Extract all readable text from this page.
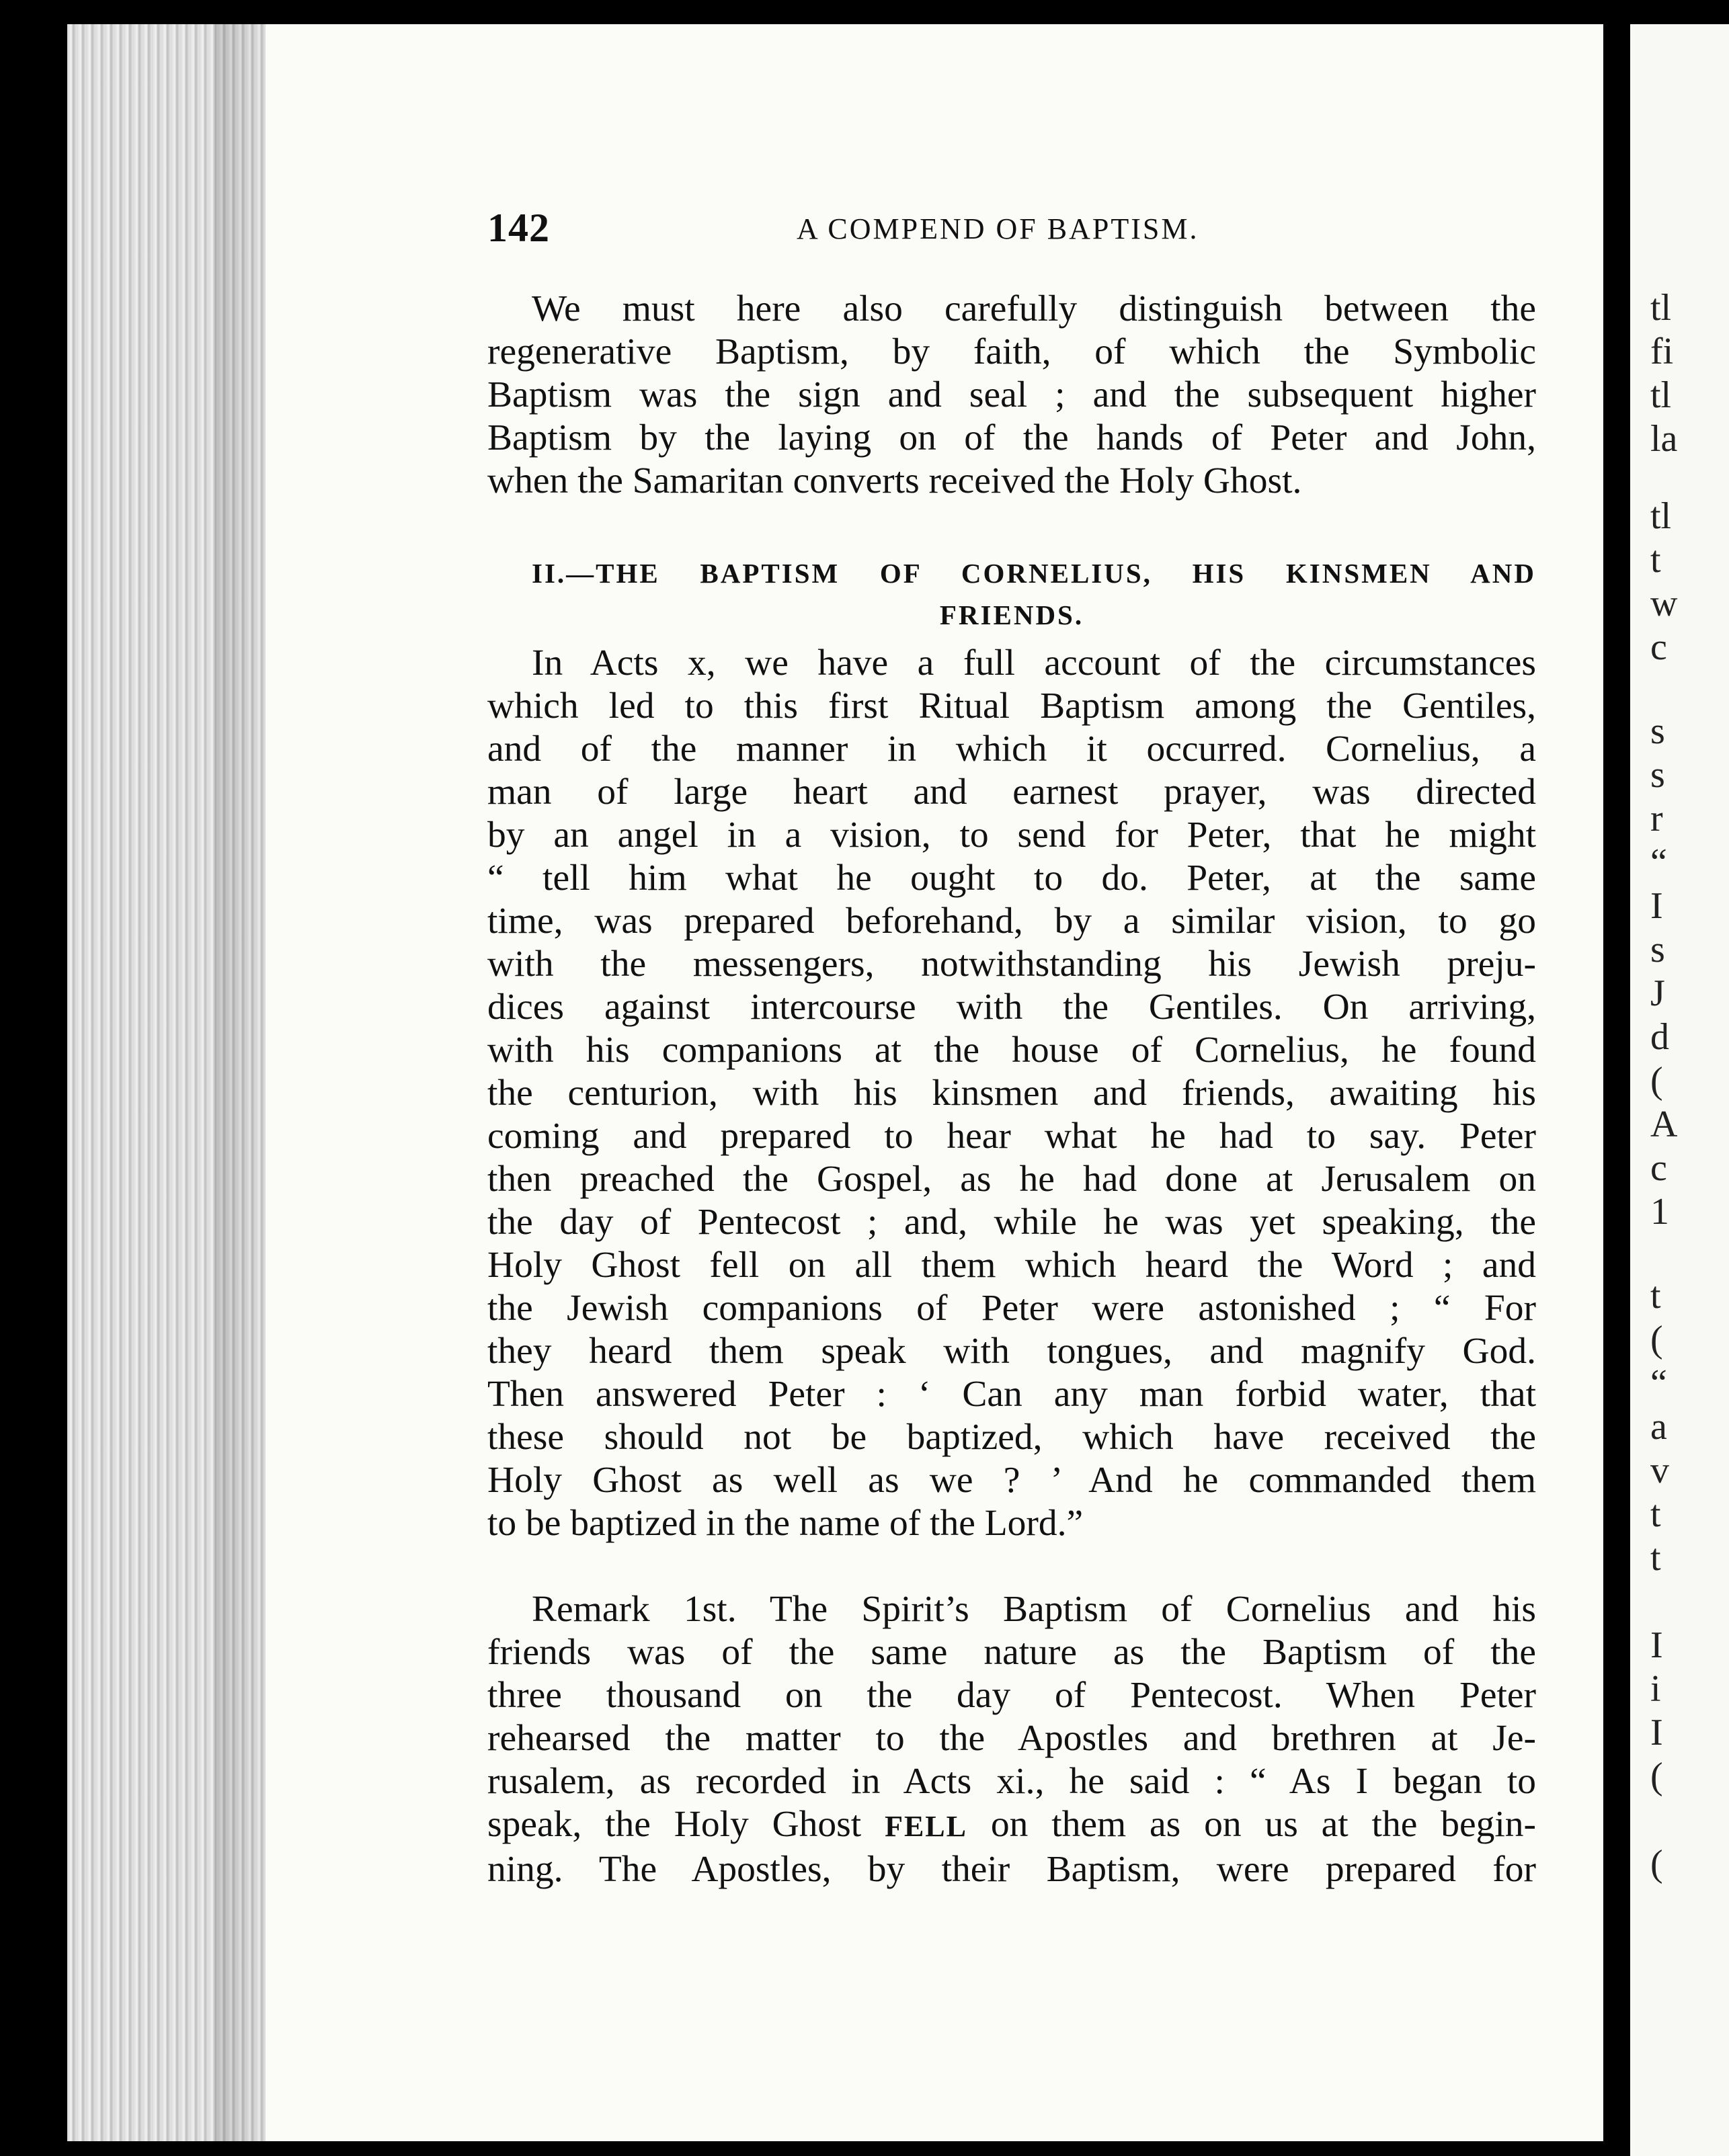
tl
fi
tl
la
tl
t
w
c
s
s
r
“
I
s
J
d
(
A
c
1
t
(
“
a
v
t
t
I
i
I
(
(
142	A COMPEND OF BAPTISM.
We must here also carefully distinguish between the
regenerative Baptism, by faith, of which the Symbolic
Baptism was the sign and seal ; and the subsequent higher
Baptism by the laying on of the hands of Peter and John,
when the Samaritan converts received the Holy Ghost.
II.—THE BAPTISM OF CORNELIUS, HIS KINSMEN AND
FRIENDS.
In Acts x, we have a full account of the circumstances
which led to this first Ritual Baptism among the Gentiles,
and of the manner in which it occurred. Cornelius, a
man of large heart and earnest prayer, was directed
by an angel in a vision, to send for Peter, that he might
“ tell him what he ought to do. Peter, at the same
time, was prepared beforehand, by a similar vision, to go
with the messengers, notwithstanding his Jewish preju-
dices against intercourse with the Gentiles. On arriving,
with his companions at the house of Cornelius, he found
the centurion, with his kinsmen and friends, awaiting his
coming and prepared to hear what he had to say. Peter
then preached the Gospel, as he had done at Jerusalem on
the day of Pentecost ; and, while he was yet speaking, the
Holy Ghost fell on all them which heard the Word ; and
the Jewish companions of Peter were astonished ; “ For
they heard them speak with tongues, and magnify God.
Then answered Peter : ‘ Can any man forbid water, that
these should not be baptized, which have received the
Holy Ghost as well as we ? ’ And he commanded them
to be baptized in the name of the Lord.”
Remark 1st. The Spirit’s Baptism of Cornelius and his
friends was of the same nature as the Baptism of the
three thousand on the day of Pentecost. When Peter
rehearsed the matter to the Apostles and brethren at Je-
rusalem, as recorded in Acts xi., he said : “ As I began to
speak, the Holy Ghost FELL on them as on us at the begin-
ning. The Apostles, by their Baptism, were prepared for
